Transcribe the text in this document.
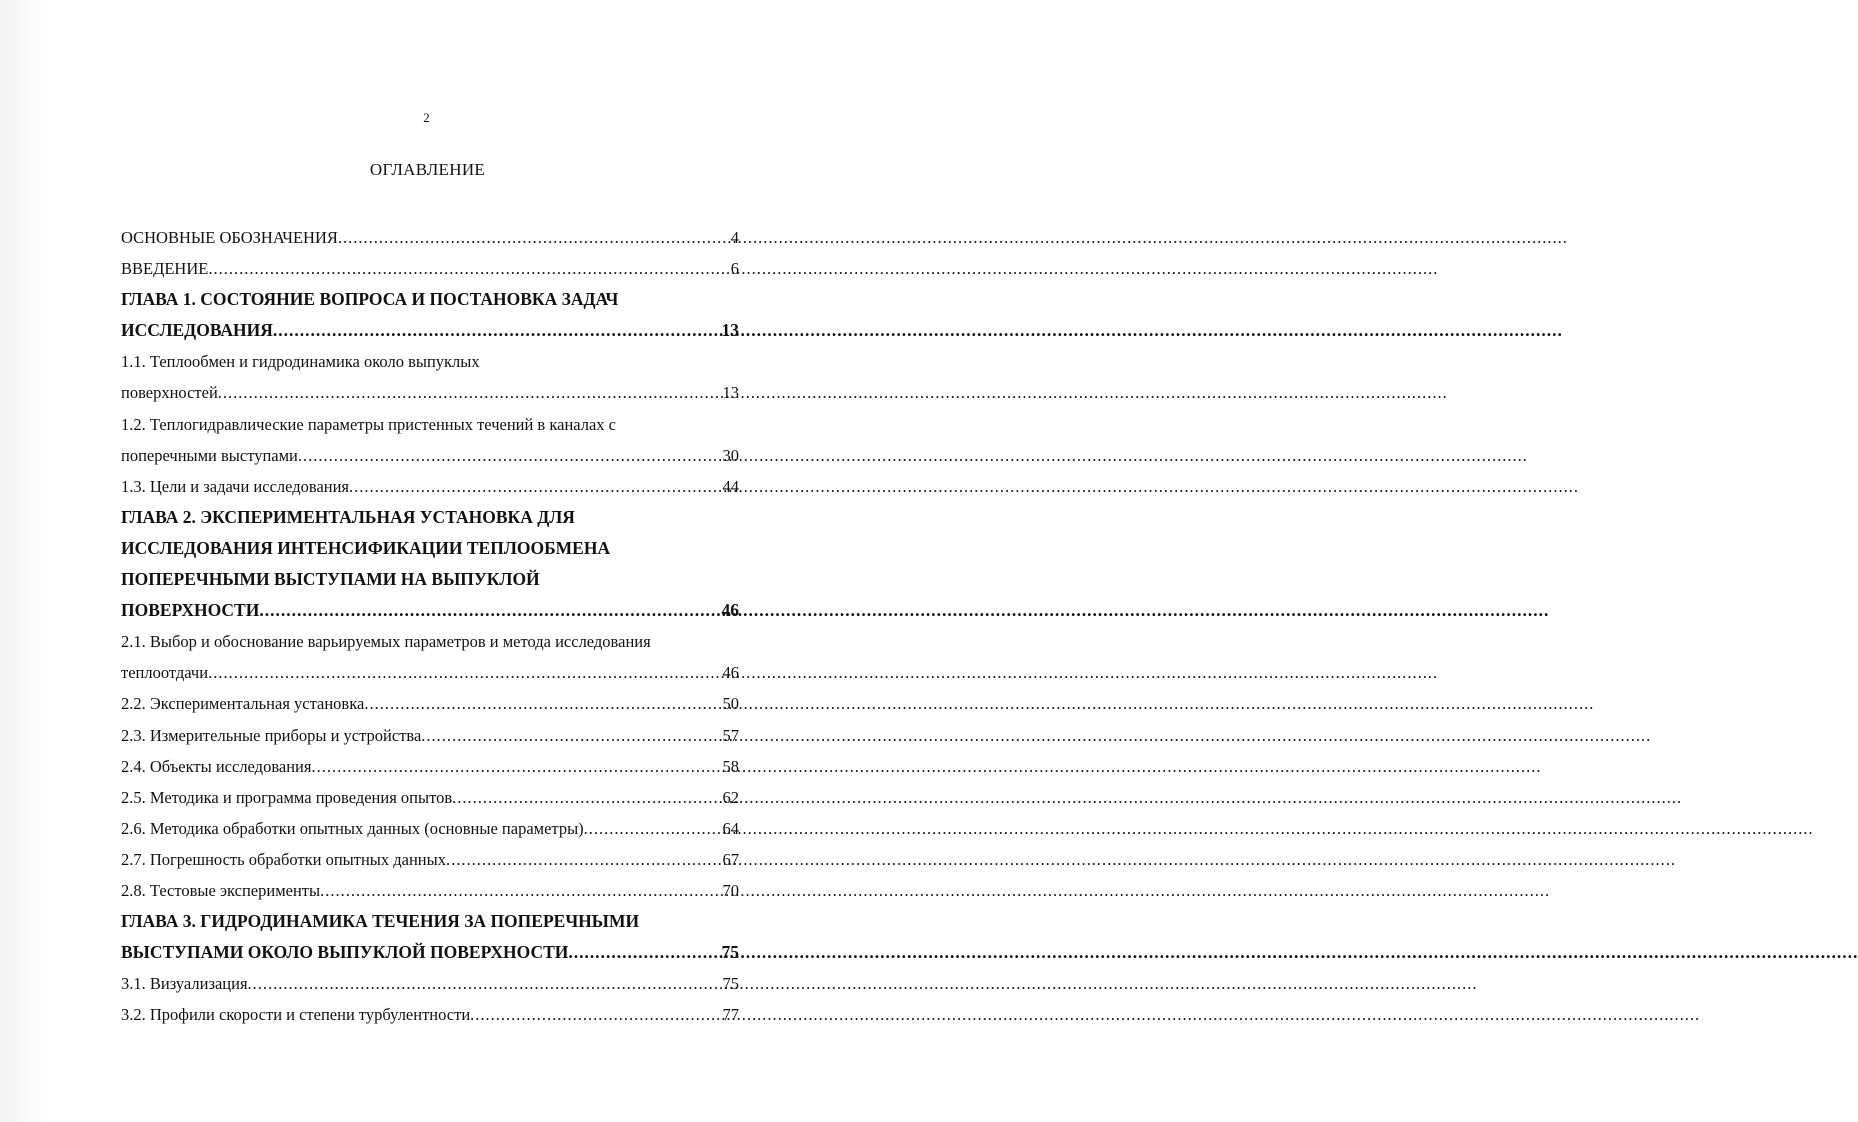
2
ОГЛАВЛЕНИЕ
ОСНОВНЫЕ ОБОЗНАЧЕНИЯ .....	4
ВВЕДЕНИЕ .....	6
ГЛАВА 1. СОСТОЯНИЕ ВОПРОСА И ПОСТАНОВКА ЗАДАЧ
ИССЛЕДОВАНИЯ .....	13
1.1. Теплообмен и гидродинамика около выпуклых
поверхностей .....	13
1.2. Теплогидравлические параметры пристенных течений в каналах с
поперечными выступами .....	30
1.3. Цели и задачи исследования .....	44
ГЛАВА 2. ЭКСПЕРИМЕНТАЛЬНАЯ УСТАНОВКА ДЛЯ
ИССЛЕДОВАНИЯ ИНТЕНСИФИКАЦИИ ТЕПЛООБМЕНА
ПОПЕРЕЧНЫМИ ВЫСТУПАМИ НА ВЫПУКЛОЙ
ПОВЕРХНОСТИ .....	46
2.1. Выбор и обоснование варьируемых параметров и метода исследования
теплоотдачи .....	46
2.2. Экспериментальная установка .....	50
2.3. Измерительные приборы и устройства .....	57
2.4. Объекты исследования .....	58
2.5. Методика и программа проведения опытов .....	62
2.6. Методика обработки опытных данных (основные параметры) .....	64
2.7. Погрешность обработки опытных данных .....	67
2.8. Тестовые эксперименты .....	70
ГЛАВА 3. ГИДРОДИНАМИКА ТЕЧЕНИЯ ЗА ПОПЕРЕЧНЫМИ
ВЫСТУПАМИ ОКОЛО ВЫПУКЛОЙ ПОВЕРХНОСТИ .....	75
3.1. Визуализация .....	75
3.2. Профили скорости и степени турбулентности .....	77
